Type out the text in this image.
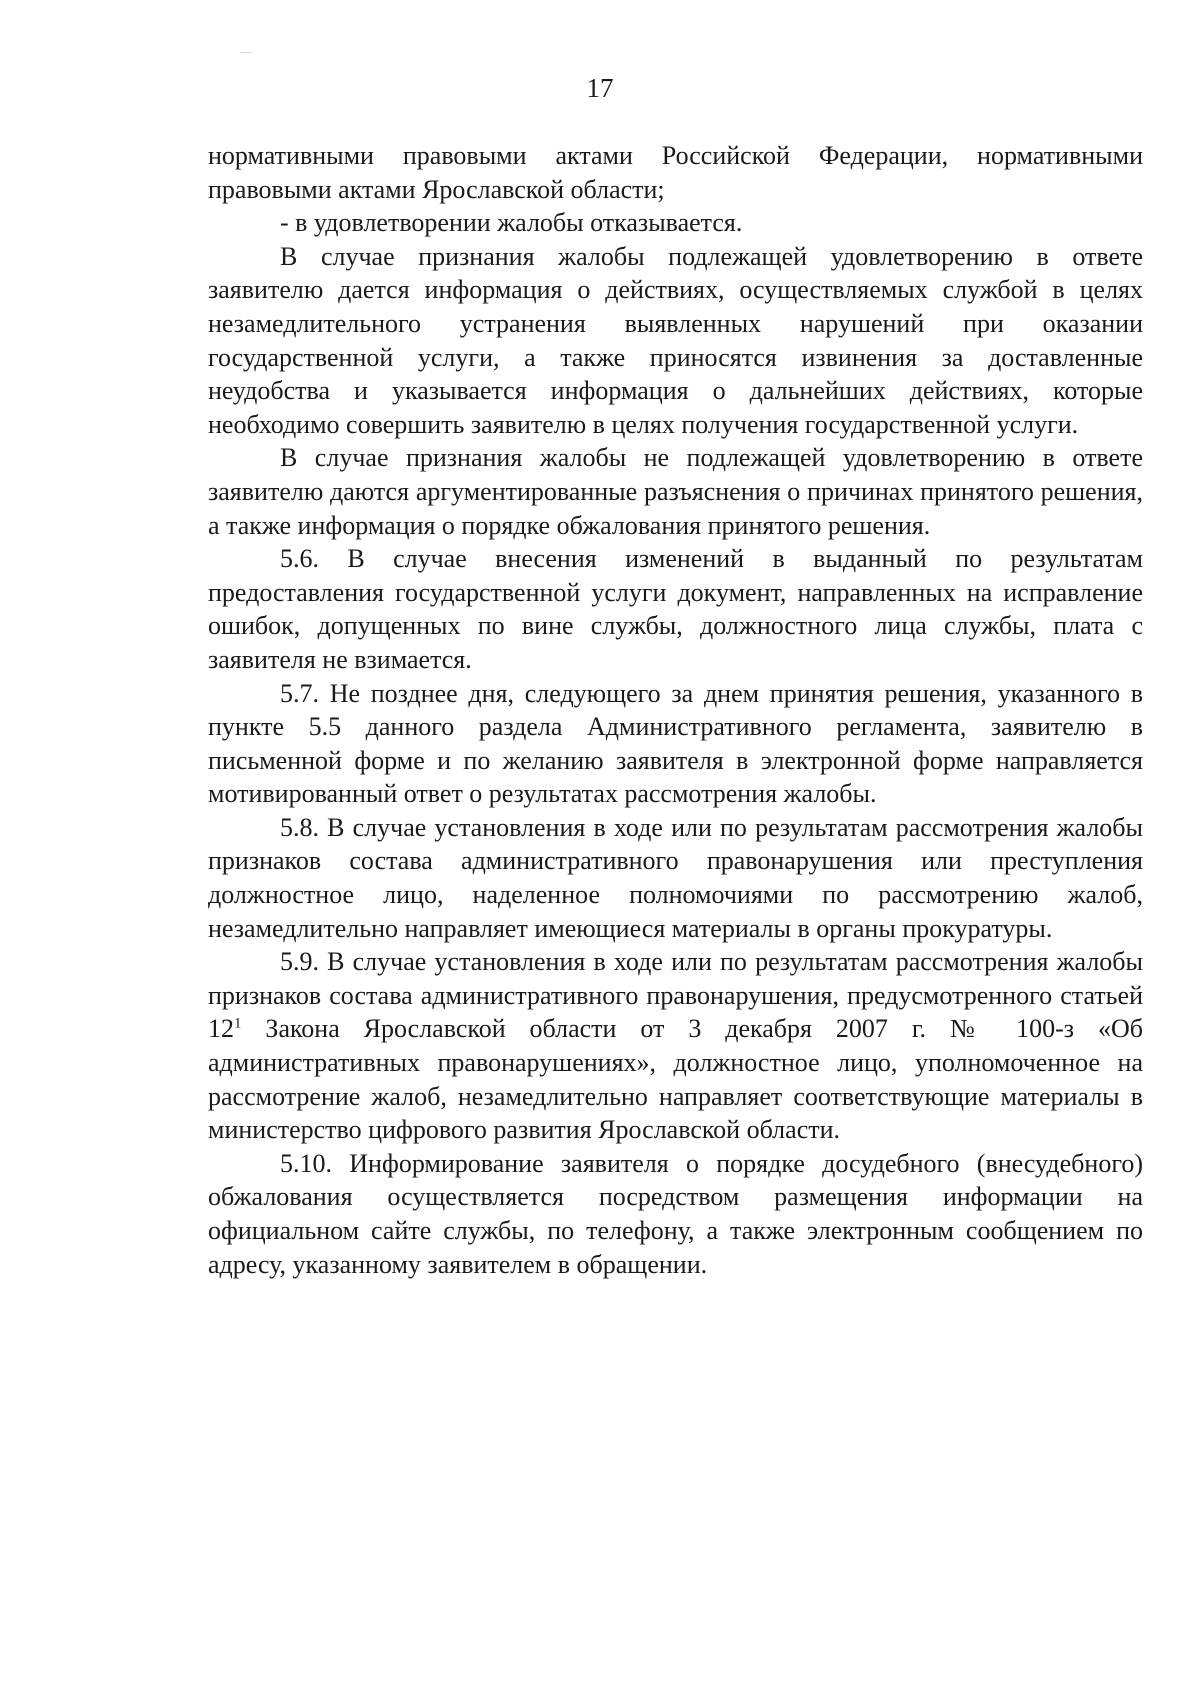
17

нормативными правовыми актами Российской Федерации, нормативными правовыми актами Ярославской области;

- в удовлетворении жалобы отказывается.

В случае признания жалобы подлежащей удовлетворению в ответе заявителю дается информация о действиях, осуществляемых службой в целях незамедлительного устранения выявленных нарушений при оказании государственной услуги, а также приносятся извинения за доставленные неудобства и указывается информация о дальнейших действиях, которые необходимо совершить заявителю в целях получения государственной услуги.

В случае признания жалобы не подлежащей удовлетворению в ответе заявителю даются аргументированные разъяснения о причинах принятого решения, а также информация о порядке обжалования принятого решения.

5.6. В случае внесения изменений в выданный по результатам предоставления государственной услуги документ, направленных на исправление ошибок, допущенных по вине службы, должностного лица службы, плата с заявителя не взимается.

5.7. Не позднее дня, следующего за днем принятия решения, указанного в пункте 5.5 данного раздела Административного регламента, заявителю в письменной форме и по желанию заявителя в электронной форме направляется мотивированный ответ о результатах рассмотрения жалобы.

5.8. В случае установления в ходе или по результатам рассмотрения жалобы признаков состава административного правонарушения или преступления должностное лицо, наделенное полномочиями по рассмотрению жалоб, незамедлительно направляет имеющиеся материалы в органы прокуратуры.

5.9. В случае установления в ходе или по результатам рассмотрения жалобы признаков состава административного правонарушения, предусмотренного статьей $12^1$ Закона Ярославской области от 3 декабря 2007 г. № 100-з «Об административных правонарушениях», должностное лицо, уполномоченное на рассмотрение жалоб, незамедлительно направляет соответствующие материалы в министерство цифрового развития Ярославской области.

5.10. Информирование заявителя о порядке досудебного (внесудебного) обжалования осуществляется посредством размещения информации на официальном сайте службы, по телефону, а также электронным сообщением по адресу, указанному заявителем в обращении.
